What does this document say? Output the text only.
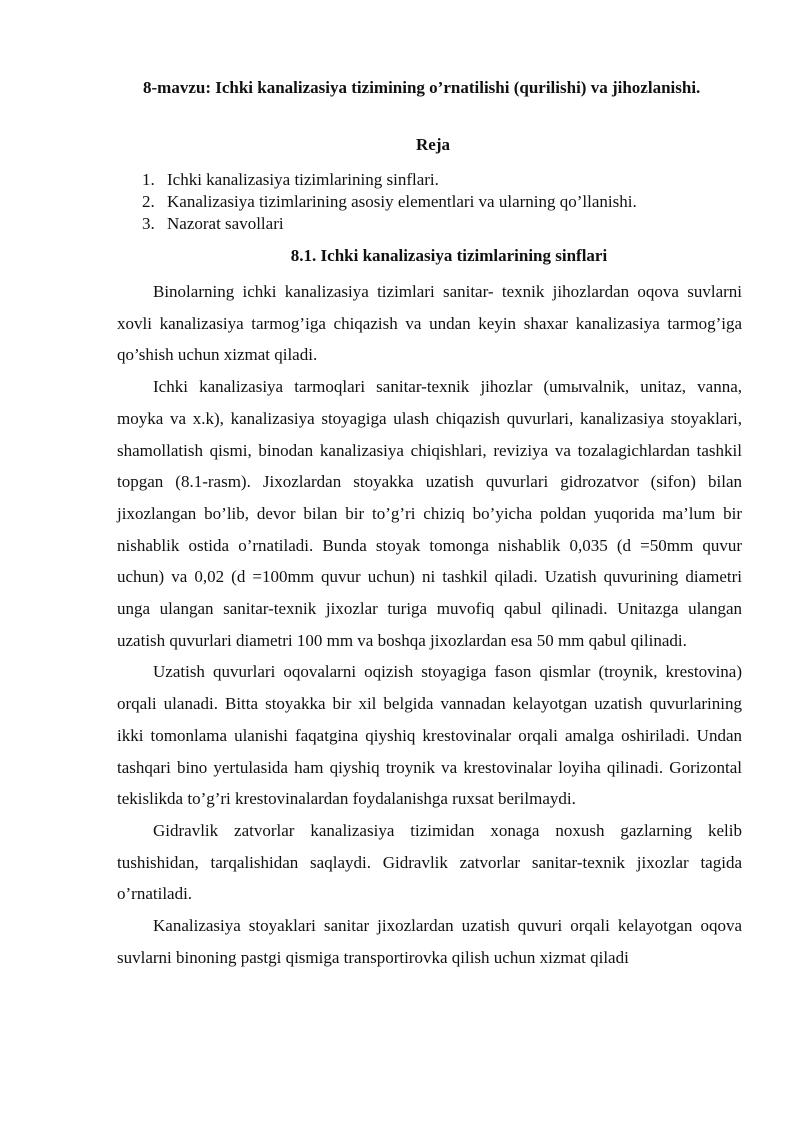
8-mavzu: Ichki kanalizasiya tizimining o’rnatilishi (qurilishi) va jihozlanishi.

Reja

1. Ichki kanalizasiya tizimlarining sinflari.
2. Kanalizasiya tizimlarining asosiy elementlari va ularning qo’llanishi.
3. Nazorat savollari

8.1. Ichki kanalizasiya tizimlarining sinflari

Binolarning ichki kanalizasiya tizimlari sanitar- texnik jihozlardan oqova suvlarni xovli kanalizasiya tarmog’iga chiqazish va undan keyin shaxar kanalizasiya tarmog’iga qo’shish uchun xizmat qiladi.

Ichki kanalizasiya tarmoqlari sanitar-texnik jihozlar (umыvalnik, unitaz, vanna, moyka va x.k), kanalizasiya stoyagiga ulash chiqazish quvurlari, kanalizasiya stoyaklari, shamollatish qismi, binodan kanalizasiya chiqishlari, reviziya va tozalagichlardan tashkil topgan (8.1-rasm). Jixozlardan stoyakka uzatish quvurlari gidrozatvor (sifon) bilan jixozlangan bo’lib, devor bilan bir to’g’ri chiziq bo’yicha poldan yuqorida ma’lum bir nishablik ostida o’rnatiladi. Bunda stoyak tomonga nishablik 0,035 (d =50mm quvur uchun) va 0,02 (d =100mm quvur uchun) ni tashkil qiladi. Uzatish quvurining diametri unga ulangan sanitar-texnik jixozlar turiga muvofiq qabul qilinadi. Unitazga ulangan uzatish quvurlari diametri 100 mm va boshqa jixozlardan esa 50 mm qabul qilinadi.

Uzatish quvurlari oqovalarni oqizish stoyagiga fason qismlar (troynik, krestovina) orqali ulanadi. Bitta stoyakka bir xil belgida vannadan kelayotgan uzatish quvurlarining ikki tomonlama ulanishi faqatgina qiyshiq krestovinalar orqali amalga oshiriladi. Undan tashqari bino yertulasida ham qiyshiq troynik va krestovinalar loyiha qilinadi. Gorizontal tekislikda to’g’ri krestovinalardan foydalanishga ruxsat berilmaydi.

Gidravlik zatvorlar kanalizasiya tizimidan xonaga noxush gazlarning kelib tushishidan, tarqalishidan saqlaydi. Gidravlik zatvorlar sanitar-texnik jixozlar tagida o’rnatiladi.

Kanalizasiya stoyaklari sanitar jixozlardan uzatish quvuri orqali kelayotgan oqova suvlarni binoning pastgi qismiga transportirovka qilish uchun xizmat qiladi
